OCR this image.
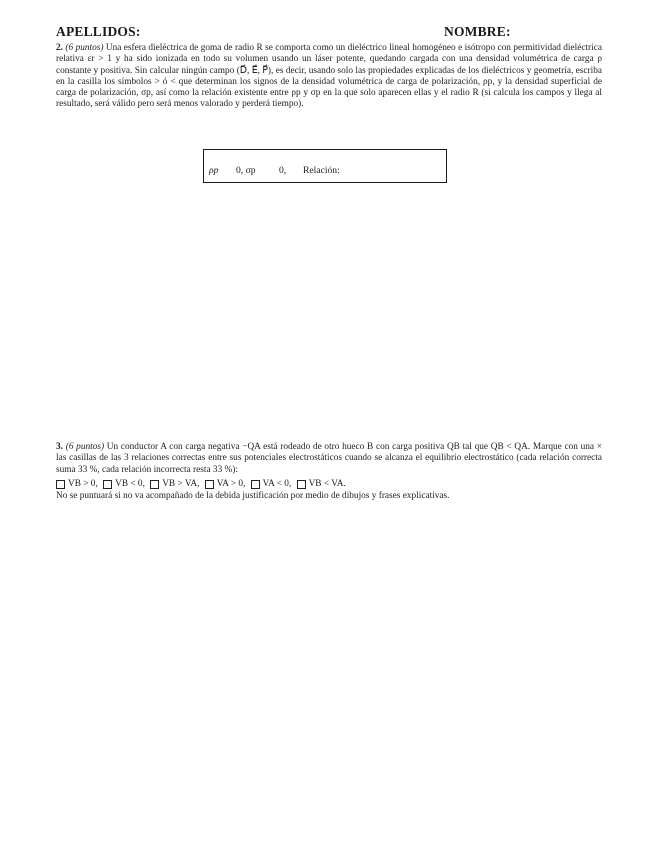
APELLIDOS:	NOMBRE:
2. (6 puntos) Una esfera dieléctrica de goma de radio R se comporta como un dieléctrico lineal homogéneo e isótropo con permitividad dieléctrica relativa εr > 1 y ha sido ionizada en todo su volumen usando un láser potente, quedando cargada con una densidad volumétrica de carga ρ constante y positiva. Sin calcular ningún campo (D⃗, E⃗, P⃗), es decir, usando solo las propiedades explicadas de los dieléctricos y geometría, escriba en la casilla los símbolos > ó < que determinan los signos de la densidad volumétrica de carga de polarización, ρp, y la densidad superficial de carga de polarización, σp, así como la relación existente entre ρp y σp en la que solo aparecen ellas y el radio R (si calcula los campos y llega al resultado, será válido pero será menos valorado y perderá tiempo).
ρp 0, σp 0, Relación:
3. (6 puntos) Un conductor A con carga negativa −QA está rodeado de otro hueco B con carga positiva QB tal que QB < QA. Marque con una × las casillas de las 3 relaciones correctas entre sus potenciales electrostáticos cuando se alcanza el equilibrio electrostático (cada relación correcta suma 33 %, cada relación incorrecta resta 33 %):
VB > 0,
VB < 0,
VB > VA,
VA > 0,
VA < 0,
VB < VA.
No se puntuará si no va acompañado de la debida justificación por medio de dibujos y frases explicativas.
